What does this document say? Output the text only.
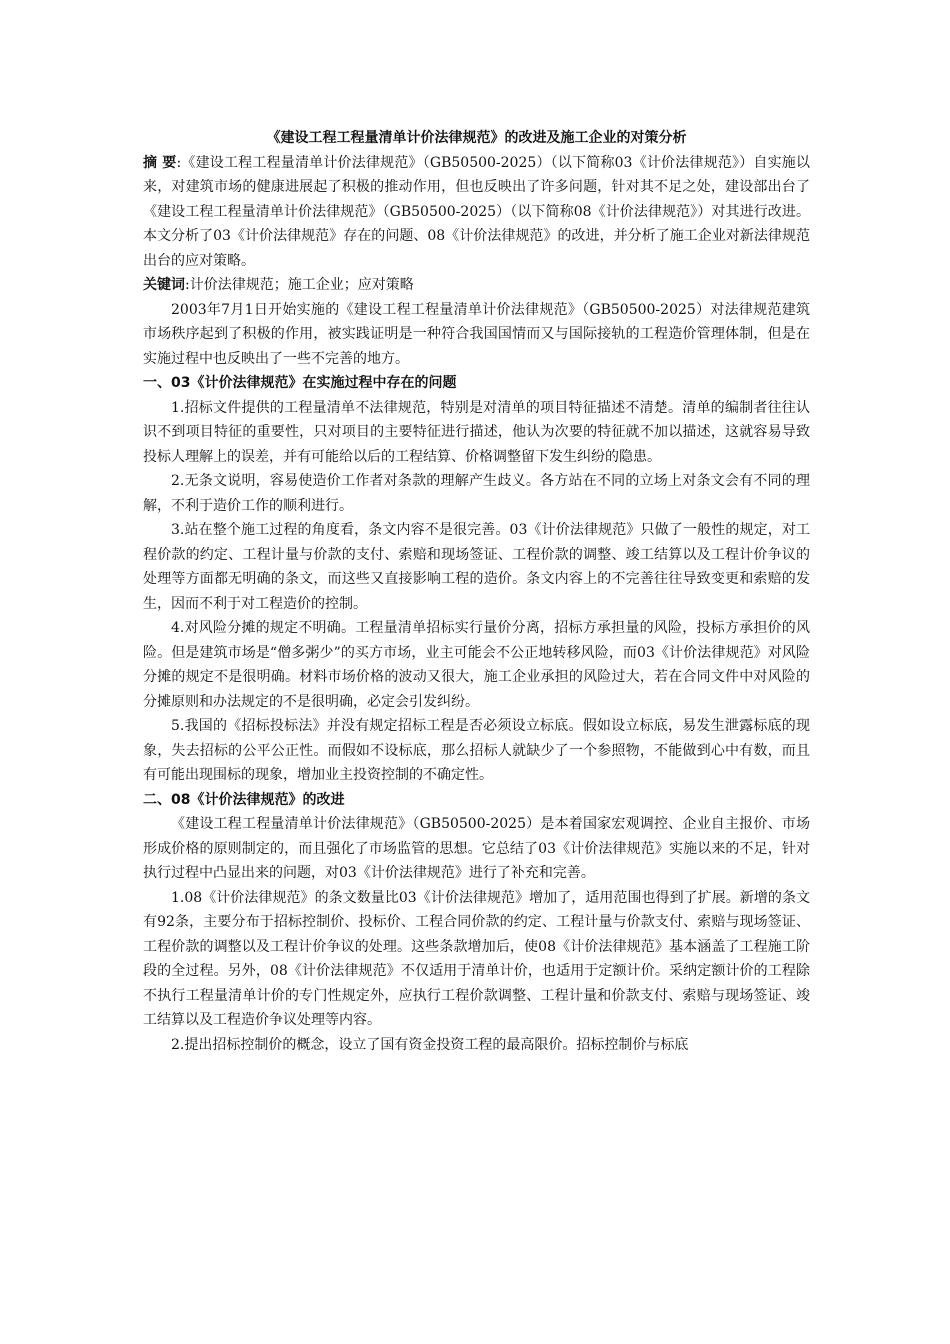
《建设工程工程量清单计价法律规范》的改进及施工企业的对策分析

摘 要:《建设工程工程量清单计价法律规范》（GB50500-2025）（以下简称03《计价法律规范》）自实施以来，对建筑市场的健康进展起了积极的推动作用，但也反映出了许多问题，针对其不足之处，建设部出台了《建设工程工程量清单计价法律规范》（GB50500-2025）（以下简称08《计价法律规范》）对其进行改进。本文分析了03《计价法律规范》存在的问题、08《计价法律规范》的改进，并分析了施工企业对新法律规范出台的应对策略。

关键词:计价法律规范；施工企业；应对策略

2003年7月1日开始实施的《建设工程工程量清单计价法律规范》（GB50500-2025）对法律规范建筑市场秩序起到了积极的作用，被实践证明是一种符合我国国情而又与国际接轨的工程造价管理体制，但是在实施过程中也反映出了一些不完善的地方。

一、03《计价法律规范》在实施过程中存在的问题

1.招标文件提供的工程量清单不法律规范，特别是对清单的项目特征描述不清楚。清单的编制者往往认识不到项目特征的重要性，只对项目的主要特征进行描述，他认为次要的特征就不加以描述，这就容易导致投标人理解上的误差，并有可能给以后的工程结算、价格调整留下发生纠纷的隐患。

2.无条文说明，容易使造价工作者对条款的理解产生歧义。各方站在不同的立场上对条文会有不同的理解，不利于造价工作的顺利进行。

3.站在整个施工过程的角度看，条文内容不是很完善。03《计价法律规范》只做了一般性的规定，对工程价款的约定、工程计量与价款的支付、索赔和现场签证、工程价款的调整、竣工结算以及工程计价争议的处理等方面都无明确的条文，而这些又直接影响工程的造价。条文内容上的不完善往往导致变更和索赔的发生，因而不利于对工程造价的控制。

4.对风险分摊的规定不明确。工程量清单招标实行量价分离，招标方承担量的风险，投标方承担价的风险。但是建筑市场是“僧多粥少”的买方市场，业主可能会不公正地转移风险，而03《计价法律规范》对风险分摊的规定不是很明确。材料市场价格的波动又很大，施工企业承担的风险过大，若在合同文件中对风险的分摊原则和办法规定的不是很明确，必定会引发纠纷。

5.我国的《招标投标法》并没有规定招标工程是否必须设立标底。假如设立标底，易发生泄露标底的现象，失去招标的公平公正性。而假如不设标底，那么招标人就缺少了一个参照物，不能做到心中有数，而且有可能出现围标的现象，增加业主投资控制的不确定性。

二、08《计价法律规范》的改进

《建设工程工程量清单计价法律规范》（GB50500-2025）是本着国家宏观调控、企业自主报价、市场形成价格的原则制定的，而且强化了市场监管的思想。它总结了03《计价法律规范》实施以来的不足，针对执行过程中凸显出来的问题，对03《计价法律规范》进行了补充和完善。

1.08《计价法律规范》的条文数量比03《计价法律规范》增加了，适用范围也得到了扩展。新增的条文有92条，主要分布于招标控制价、投标价、工程合同价款的约定、工程计量与价款支付、索赔与现场签证、工程价款的调整以及工程计价争议的处理。这些条款增加后，使08《计价法律规范》基本涵盖了工程施工阶段的全过程。另外，08《计价法律规范》不仅适用于清单计价，也适用于定额计价。采纳定额计价的工程除不执行工程量清单计价的专门性规定外，应执行工程价款调整、工程计量和价款支付、索赔与现场签证、竣工结算以及工程造价争议处理等内容。

2.提出招标控制价的概念，设立了国有资金投资工程的最高限价。招标控制价与标底
